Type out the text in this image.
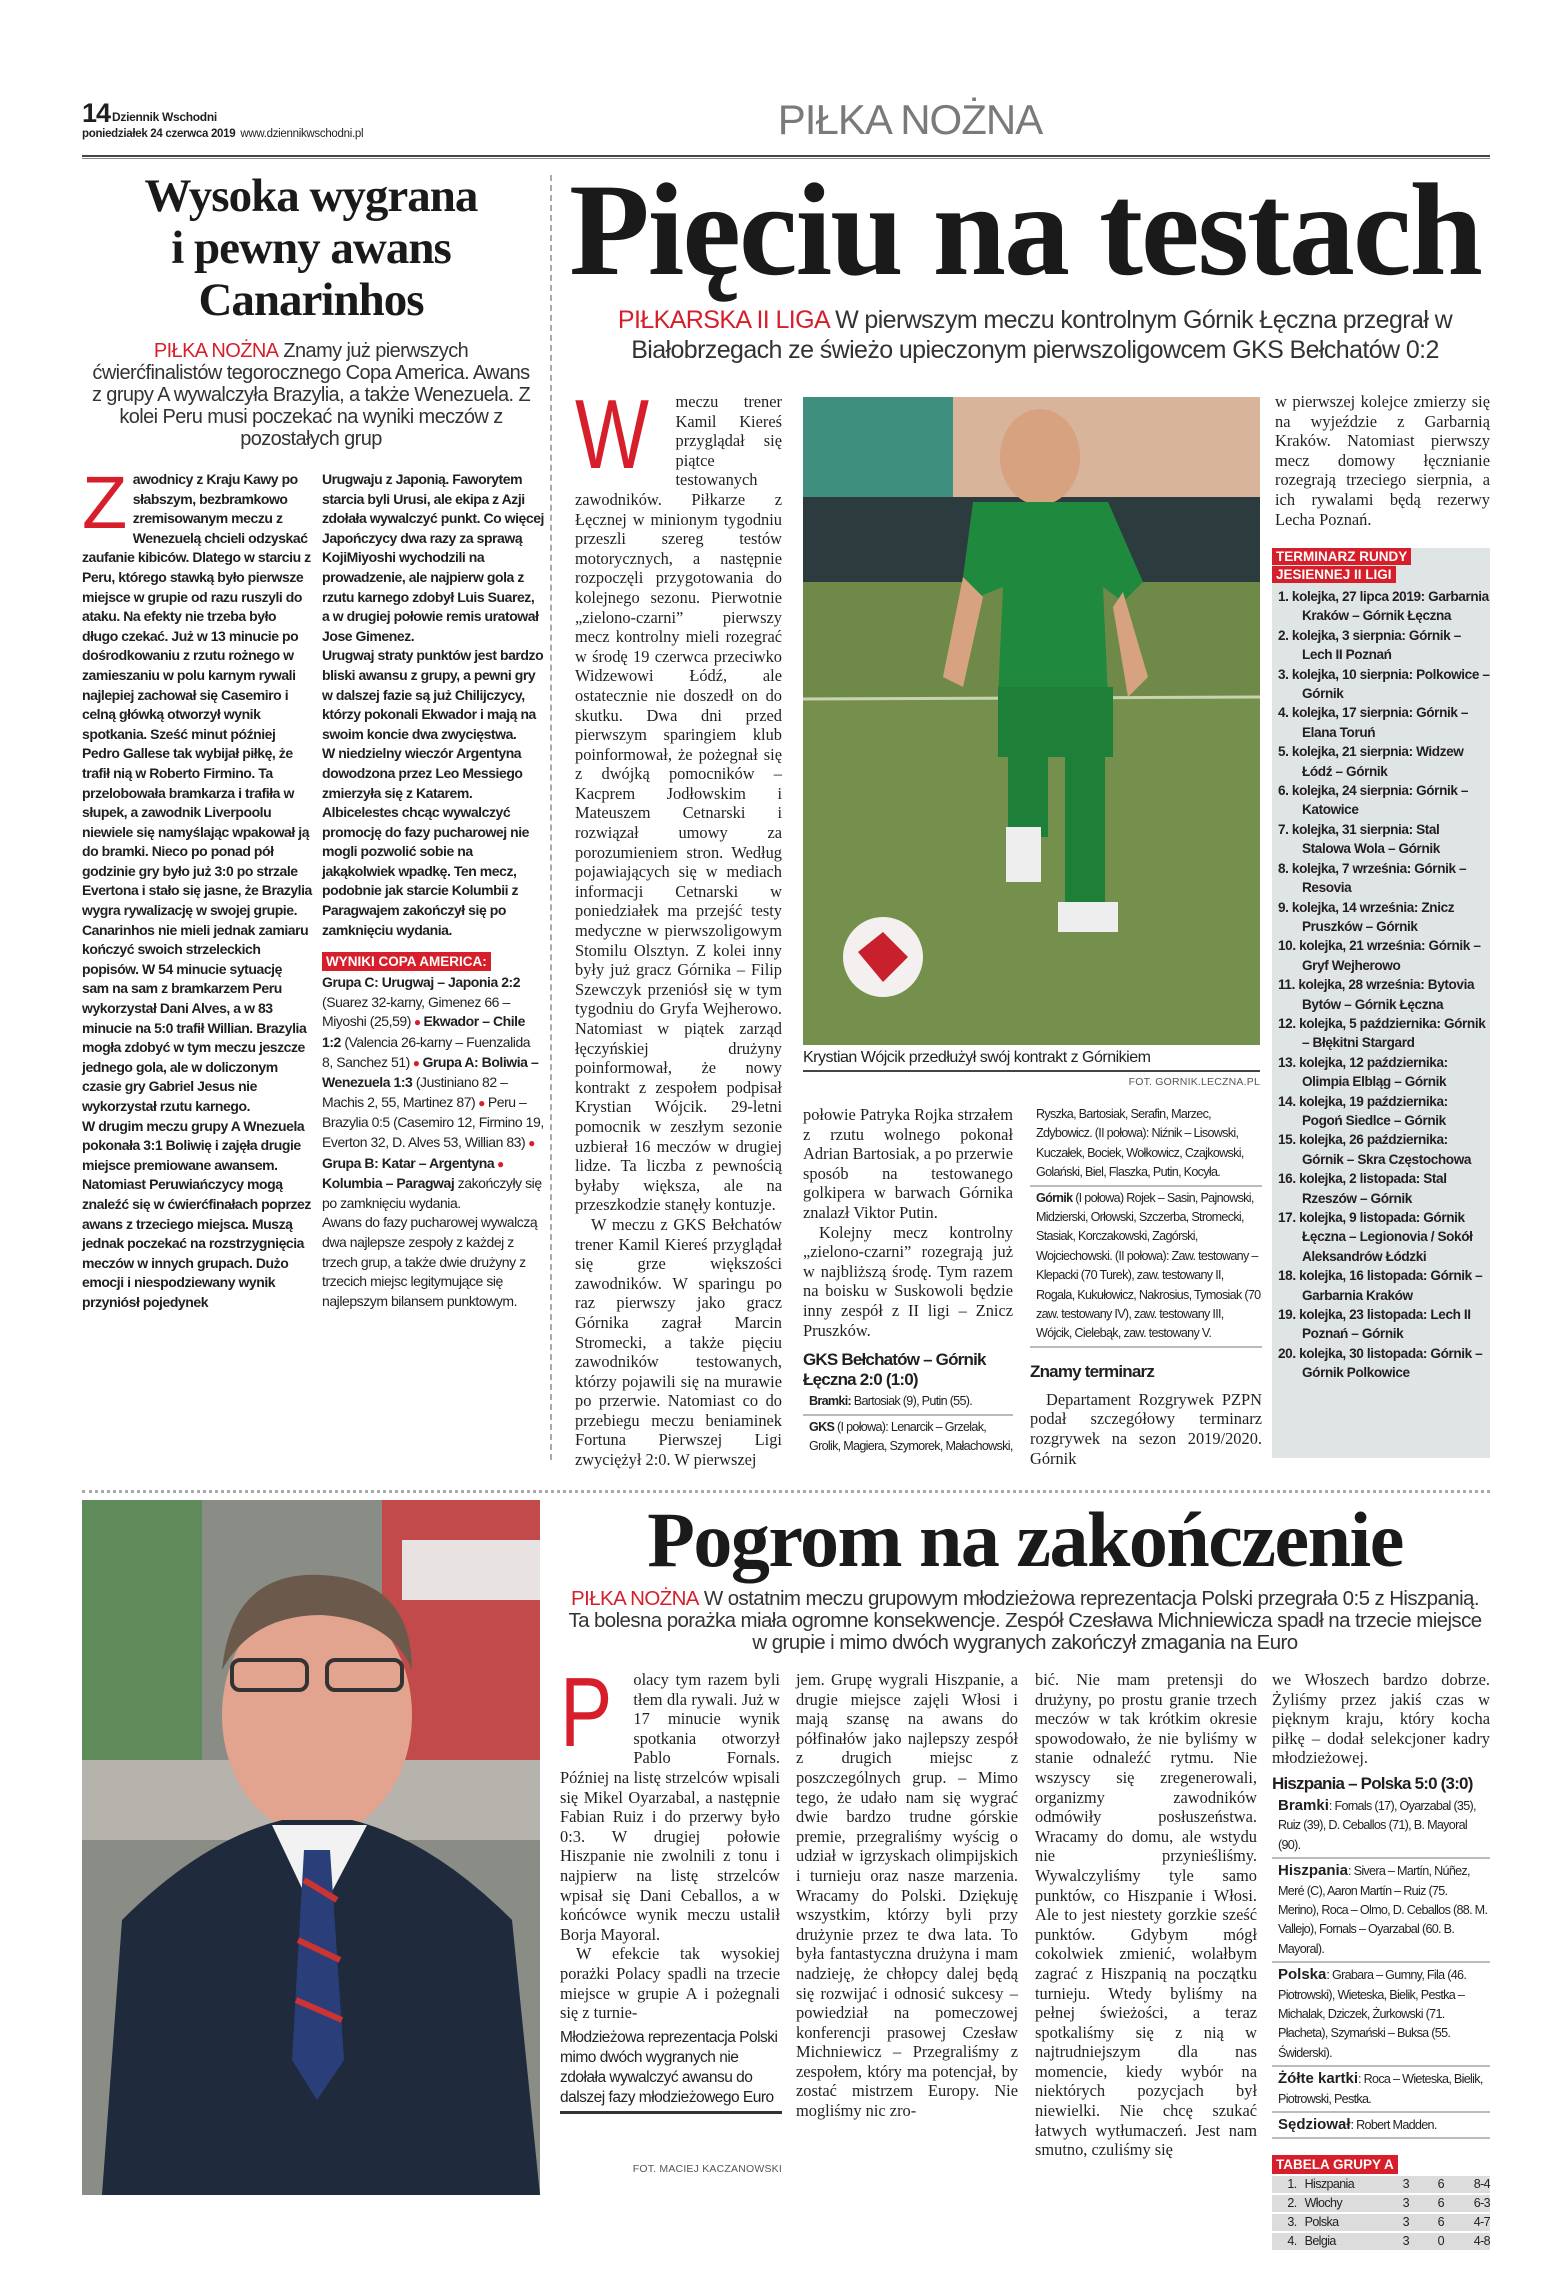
14 Dziennik Wschodni
poniedziałek 24 czerwca 2019 www.dziennikwschodni.pl	PIŁKA NOŻNA
Wysoka wygrana
i pewny awans
Canarinhos
PIŁKA NOŻNA Znamy już pierwszych ćwierćfinalistów tegorocznego Copa America. Awans z grupy A wywalczyła Brazylia, a także Wenezuela. Z kolei Peru musi poczekać na wyniki meczów z pozostałych grup
Z awodnicy z Kraju Kawy po słabszym, bezbramkowo zremisowanym meczu z Wenezuelą chcieli odzyskać zaufanie kibiców. Dlatego w starciu z Peru, którego stawką było pierwsze miejsce w grupie od razu ruszyli do ataku. Na efekty nie trzeba było długo czekać. Już w 13 minucie po dośrodkowaniu z rzutu rożnego w zamieszaniu w polu karnym rywali najlepiej zachował się Casemiro i celną główką otworzył wynik spotkania. Sześć minut później Pedro Gallese tak wybijał piłkę, że trafił nią w Roberto Firmino. Ta przelobowała bramkarza i trafiła w słupek, a zawodnik Liverpoolu niewiele się namyślając wpakował ją do bramki. Nieco po ponad pół godzinie gry było już 3:0 po strzale Evertona i stało się jasne, że Brazylia wygra rywalizację w swojej grupie. Canarinhos nie mieli jednak zamiaru kończyć swoich strzeleckich popisów. W 54 minucie sytuację sam na sam z bramkarzem Peru wykorzystał Dani Alves, a w 83 minucie na 5:0 trafił Willian. Brazylia mogła zdobyć w tym meczu jeszcze jednego gola, ale w doliczonym czasie gry Gabriel Jesus nie wykorzystał rzutu karnego.

W drugim meczu grupy A Wnezuela pokonała 3:1 Boliwię i zajęła drugie miejsce premiowane awansem. Natomiast Peruwiańczycy mogą znaleźć się w ćwierćfinałach poprzez awans z trzeciego miejsca. Muszą jednak poczekać na rozstrzygnięcia meczów w innych grupach. Dużo emocji i niespodziewany wynik przyniósł pojedynek

Urugwaju z Japonią. Faworytem starcia byli Urusi, ale ekipa z Azji zdołała wywalczyć punkt. Co więcej Japończycy dwa razy za sprawą KojiMiyoshi wychodzili na prowadzenie, ale najpierw gola z rzutu karnego zdobył Luis Suarez, a w drugiej połowie remis uratował Jose Gimenez.

Urugwaj straty punktów jest bardzo bliski awansu z grupy, a pewni gry w dalszej fazie są już Chilijczycy, którzy pokonali Ekwador i mają na swoim koncie dwa zwycięstwa.

W niedzielny wieczór Argentyna dowodzona przez Leo Messiego zmierzyła się z Katarem. Albicelestes chcąc wywalczyć promocję do fazy pucharowej nie mogli pozwolić sobie na jakąkolwiek wpadkę. Ten mecz, podobnie jak starcie Kolumbii z Paragwajem zakończył się po zamknięciu wydania.

WYNIKI COPA AMERICA:

Grupa C: Urugwaj – Japonia 2:2 (Suarez 32-karny, Gimenez 66 – Miyoshi (25,59) ● Ekwador – Chile 1:2 (Valencia 26-karny – Fuenzalida 8, Sanchez 51) ● Grupa A: Boliwia – Wenezuela 1:3 (Justiniano 82 – Machis 2, 55, Martinez 87) ● Peru – Brazylia 0:5 (Casemiro 12, Firmino 19, Everton 32, D. Alves 53, Willian 83) ● Grupa B: Katar – Argentyna ● Kolumbia – Paragwaj zakończyły się po zamknięciu wydania.

Awans do fazy pucharowej wywalczą dwa najlepsze zespoły z każdej z trzech grup, a także dwie drużyny z trzecich miejsc legitymujące się najlepszym bilansem punktowym.

Pięciu na testach
PIŁKARSKA II LIGA W pierwszym meczu kontrolnym Górnik Łęczna przegrał w Białobrzegach ze świeżo upieczonym pierwszoligowcem GKS Bełchatów 0:2
W	meczu trener Kamil Kiereś przyglądał się piątce testowanych zawodników. Piłkarze z Łęcznej w minionym tygodniu przeszli szereg testów motorycznych, a następnie rozpoczęli przygotowania do kolejnego sezonu. Pierwotnie „zielono-czarni” pierwszy mecz kontrolny mieli rozegrać w środę 19 czerwca przeciwko Widzewowi Łódź, ale ostatecznie nie doszedł on do skutku. Dwa dni przed pierwszym sparingiem klub poinformował, że pożegnał się z dwójką pomocników – Kacprem Jodłowskim i Mateuszem Cetnarski i rozwiązał umowy za porozumieniem stron. Według pojawiających się w mediach informacji Cetnarski w poniedziałek ma przejść testy medyczne w pierwszoligowym Stomilu Olsztyn. Z kolei inny były już gracz Górnika – Filip Szewczyk przeniósł się w tym tygodniu do Gryfa Wejherowo. Natomiast w piątek zarząd łęczyńskiej drużyny poinformował, że nowy kontrakt z zespołem podpisał Krystian Wójcik. 29-letni pomocnik w zeszłym sezonie uzbierał 16 meczów w drugiej lidze. Ta liczba z pewnością byłaby większa, ale na przeszkodzie stanęły kontuzje.

W meczu z GKS Bełchatów trener Kamil Kiereś przyglądał się grze większości zawodników. W sparingu po raz pierwszy jako gracz Górnika zagrał Marcin Stromecki, a także pięciu zawodników testowanych, którzy pojawili się na murawie po przerwie. Natomiast co do przebiegu meczu beniaminek Fortuna Pierwszej Ligi zwyciężył 2:0. W pierwszej

Krystian Wójcik przedłużył swój kontrakt z Górnikiem
FOT. GORNIK.LECZNA.PL

połowie Patryka Rojka strzałem z rzutu wolnego pokonał Adrian Bartosiak, a po przerwie sposób na testowanego golkipera w barwach Górnika znalazł Viktor Putin.

Kolejny mecz kontrolny „zielono-czarni” rozegrają już w najbliższą środę. Tym razem na boisku w Suskowoli będzie inny zespół z II ligi – Znicz Pruszków.

GKS Bełchatów – Górnik Łęczna 2:0 (1:0)
Bramki: Bartosiak (9), Putin (55).
GKS (I połowa): Lenarcik – Grzelak, Grolik, Magiera, Szymorek, Małachowski,
Ryszka, Bartosiak, Serafin, Marzec, Zdybowicz. (II połowa): Niźnik – Lisowski, Kuczałek, Bociek, Wołkowicz, Czajkowski, Golański, Biel, Flaszka, Putin, Kocyła.
Górnik (I połowa) Rojek – Sasin, Pajnowski, Midzierski, Orłowski, Szczerba, Stromecki, Stasiak, Korczakowski, Zagórski, Wojciechowski. (II połowa): Zaw. testowany – Klepacki (70 Turek), zaw. testowany II, Rogala, Kukułowicz, Nakrosius, Tymosiak (70 zaw. testowany IV), zaw. testowany III, Wójcik, Cielebąk, zaw. testowany V.
Znamy terminarz

Departament Rozgrywek PZPN podał szczegółowy terminarz rozgrywek na sezon 2019/2020. Górnik

w pierwszej kolejce zmierzy się na wyjeździe z Garbarnią Kraków. Natomiast pierwszy mecz domowy łęcznianie rozegrają trzeciego sierpnia, a ich rywalami będą rezerwy Lecha Poznań.

TERMINARZ RUNDY
JESIENNEJ II LIGI
1. kolejka, 27 lipca 2019: Garbarnia Kraków – Górnik Łęczna
2. kolejka, 3 sierpnia: Górnik – Lech II Poznań
3. kolejka, 10 sierpnia: Polkowice – Górnik
4. kolejka, 17 sierpnia: Górnik – Elana Toruń
5. kolejka, 21 sierpnia: Widzew Łódź – Górnik
6. kolejka, 24 sierpnia: Górnik – Katowice
7. kolejka, 31 sierpnia: Stal Stalowa Wola – Górnik
8. kolejka, 7 września: Górnik – Resovia
9. kolejka, 14 września: Znicz Pruszków – Górnik
10. kolejka, 21 września: Górnik – Gryf Wejherowo
11. kolejka, 28 września: Bytovia Bytów – Górnik Łęczna
12. kolejka, 5 października: Górnik – Błękitni Stargard
13. kolejka, 12 października: Olimpia Elbląg – Górnik
14. kolejka, 19 października: Pogoń Siedlce – Górnik
15. kolejka, 26 października: Górnik – Skra Częstochowa
16. kolejka, 2 listopada: Stal Rzeszów – Górnik
17. kolejka, 9 listopada: Górnik Łęczna – Legionovia / Sokół Aleksandrów Łódzki
18. kolejka, 16 listopada: Górnik – Garbarnia Kraków
19. kolejka, 23 listopada: Lech II Poznań – Górnik
20. kolejka, 30 listopada: Górnik – Górnik Polkowice
Pogrom na zakończenie
PIŁKA NOŻNA W ostatnim meczu grupowym młodzieżowa reprezentacja Polski przegrała 0:5 z Hiszpanią. Ta bolesna porażka miała ogromne konsekwencje. Zespół Czesława Michniewicza spadł na trzecie miejsce w grupie i mimo dwóch wygranych zakończył zmagania na Euro
P	olacy tym razem byli tłem dla rywali. Już w 17 minucie wynik spotkania otworzył Pablo Fornals. Później na listę strzelców wpisali się Mikel Oyarzabal, a następnie Fabian Ruiz i do przerwy było 0:3. W drugiej połowie Hiszpanie nie zwolnili z tonu i najpierw na listę strzelców wpisał się Dani Ceballos, a w końcówce wynik meczu ustalił Borja Mayoral.

W efekcie tak wysokiej porażki Polacy spadli na trzecie miejsce w grupie A i pożegnali się z turnie-

Młodzieżowa reprezentacja Polski mimo dwóch wygranych nie zdołała wywalczyć awansu do dalszej fazy młodzieżowego Euro
FOT. MACIEJ KACZANOWSKI

jem. Grupę wygrali Hiszpanie, a drugie miejsce zajęli Włosi i mają szansę na awans do półfinałów jako najlepszy zespół z drugich miejsc z poszczególnych grup. – Mimo tego, że udało nam się wygrać dwie bardzo trudne górskie premie, przegraliśmy wyścig o udział w igrzyskach olimpijskich i turnieju oraz nasze marzenia. Wracamy do Polski. Dziękuję wszystkim, którzy byli przy drużynie przez te dwa lata. To była fantastyczna drużyna i mam nadzieję, że chłopcy dalej będą się rozwijać i odnosić sukcesy – powiedział na pomeczowej konferencji prasowej Czesław Michniewicz – Przegraliśmy z zespołem, który ma potencjał, by zostać mistrzem Europy. Nie mogliśmy nic zro-

bić. Nie mam pretensji do drużyny, po prostu granie trzech meczów w tak krótkim okresie spowodowało, że nie byliśmy w stanie odnaleźć rytmu. Nie wszyscy się zregenerowali, organizmy zawodników odmówiły posłuszeństwa. Wracamy do domu, ale wstydu nie przynieśliśmy. Wywalczyliśmy tyle samo punktów, co Hiszpanie i Włosi. Ale to jest niestety gorzkie sześć punktów. Gdybym mógł cokolwiek zmienić, wolałbym zagrać z Hiszpanią na początku turnieju. Wtedy byliśmy na pełnej świeżości, a teraz spotkaliśmy się z nią w najtrudniejszym dla nas momencie, kiedy wybór na niektórych pozycjach był niewielki. Nie chcę szukać łatwych wytłumaczeń. Jest nam smutno, czuliśmy się

we Włoszech bardzo dobrze. Żyliśmy przez jakiś czas w pięknym kraju, który kocha piłkę – dodał selekcjoner kadry młodzieżowej.

Hiszpania – Polska 5:0 (3:0)
Bramki: Fornals (17), Oyarzabal (35), Ruiz (39), D. Ceballos (71), B. Mayoral (90).
Hiszpania: Sivera – Martín, Núñez, Meré (C), Aaron Martín – Ruiz (75. Merino), Roca – Olmo, D. Ceballos (88. M. Vallejo), Fornals – Oyarzabal (60. B. Mayoral).
Polska: Grabara – Gumny, Fila (46. Piotrowski), Wieteska, Bielik, Pestka – Michalak, Dziczek, Żurkowski (71. Płacheta), Szymański – Buksa (55. Świderski).
Żółte kartki: Roca – Wieteska, Bielik, Piotrowski, Pestka.
Sędziował: Robert Madden.
TABELA GRUPY A
1. Hiszpania	3	6	8-4
2. Włochy	3	6	6-3
3. Polska	3	6	4-7
4. Belgia	3	0	4-8
